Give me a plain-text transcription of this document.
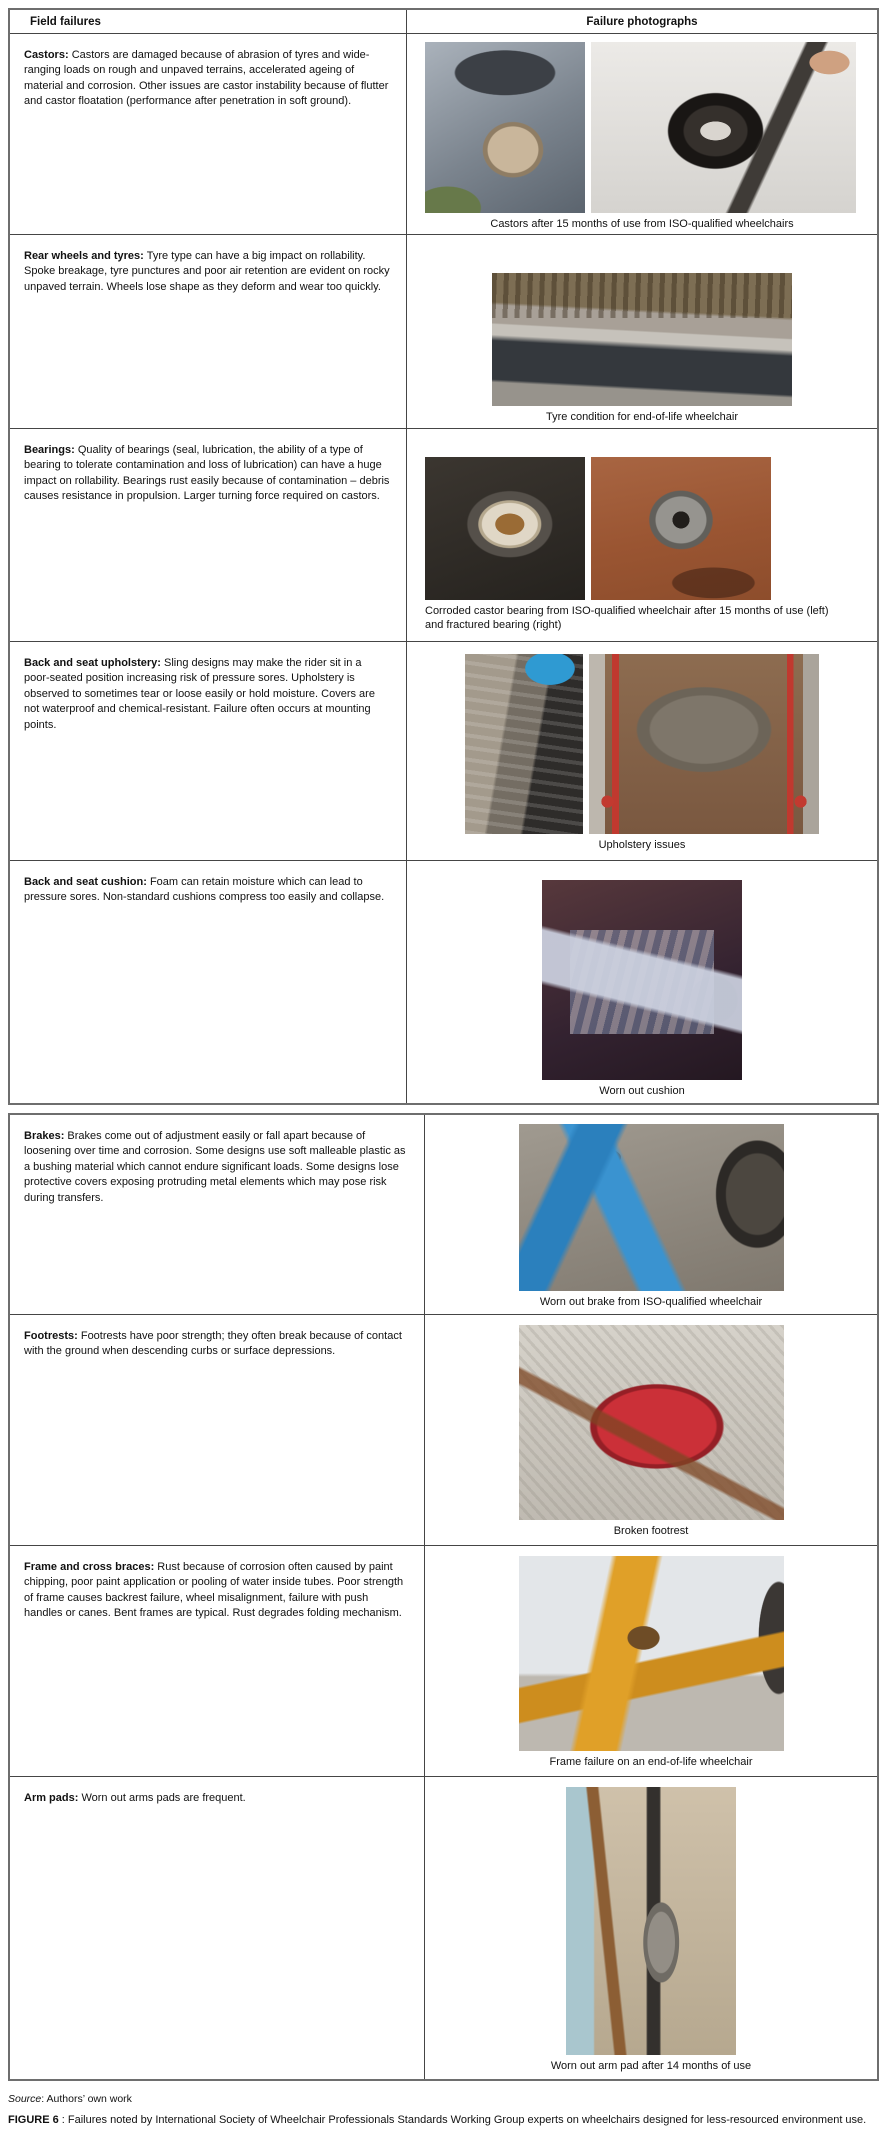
Field failures	Failure photographs

Castors: Castors are damaged because of abrasion of tyres and wide-ranging loads on rough and unpaved terrains, accelerated ageing of material and corrosion. Other issues are castor instability because of flutter and castor floatation (performance after penetration in soft ground).

Castors after 15 months of use from ISO-qualified wheelchairs

Rear wheels and tyres: Tyre type can have a big impact on rollability. Spoke breakage, tyre punctures and poor air retention are evident on rocky unpaved terrain. Wheels lose shape as they deform and wear too quickly.

Tyre condition for end-of-life wheelchair

Bearings: Quality of bearings (seal, lubrication, the ability of a type of bearing to tolerate contamination and loss of lubrication) can have a huge impact on rollability. Bearings rust easily because of contamination – debris causes resistance in propulsion. Larger turning force required on castors.

Corroded castor bearing from ISO-qualified wheelchair after 15 months of use (left) and fractured bearing (right)

Back and seat upholstery: Sling designs may make the rider sit in a poor-seated position increasing risk of pressure sores. Upholstery is observed to sometimes tear or loose easily or hold moisture. Covers are not waterproof and chemical-resistant. Failure often occurs at mounting points.

Upholstery issues

Back and seat cushion: Foam can retain moisture which can lead to pressure sores. Non-standard cushions compress too easily and collapse.

Worn out cushion

Brakes: Brakes come out of adjustment easily or fall apart because of loosening over time and corrosion. Some designs use soft malleable plastic as a bushing material which cannot endure significant loads. Some designs lose protective covers exposing protruding metal elements which may pose risk during transfers.

Worn out brake from ISO-qualified wheelchair

Footrests: Footrests have poor strength; they often break because of contact with the ground when descending curbs or surface depressions.

Broken footrest

Frame and cross braces: Rust because of corrosion often caused by paint chipping, poor paint application or pooling of water inside tubes. Poor strength of frame causes backrest failure, wheel misalignment, failure with push handles or canes. Bent frames are typical. Rust degrades folding mechanism.

Frame failure on an end-of-life wheelchair

Arm pads: Worn out arms pads are frequent.

Worn out arm pad after 14 months of use

Source: Authors’ own work

FIGURE 6 : Failures noted by International Society of Wheelchair Professionals Standards Working Group experts on wheelchairs designed for less-resourced environment use.
